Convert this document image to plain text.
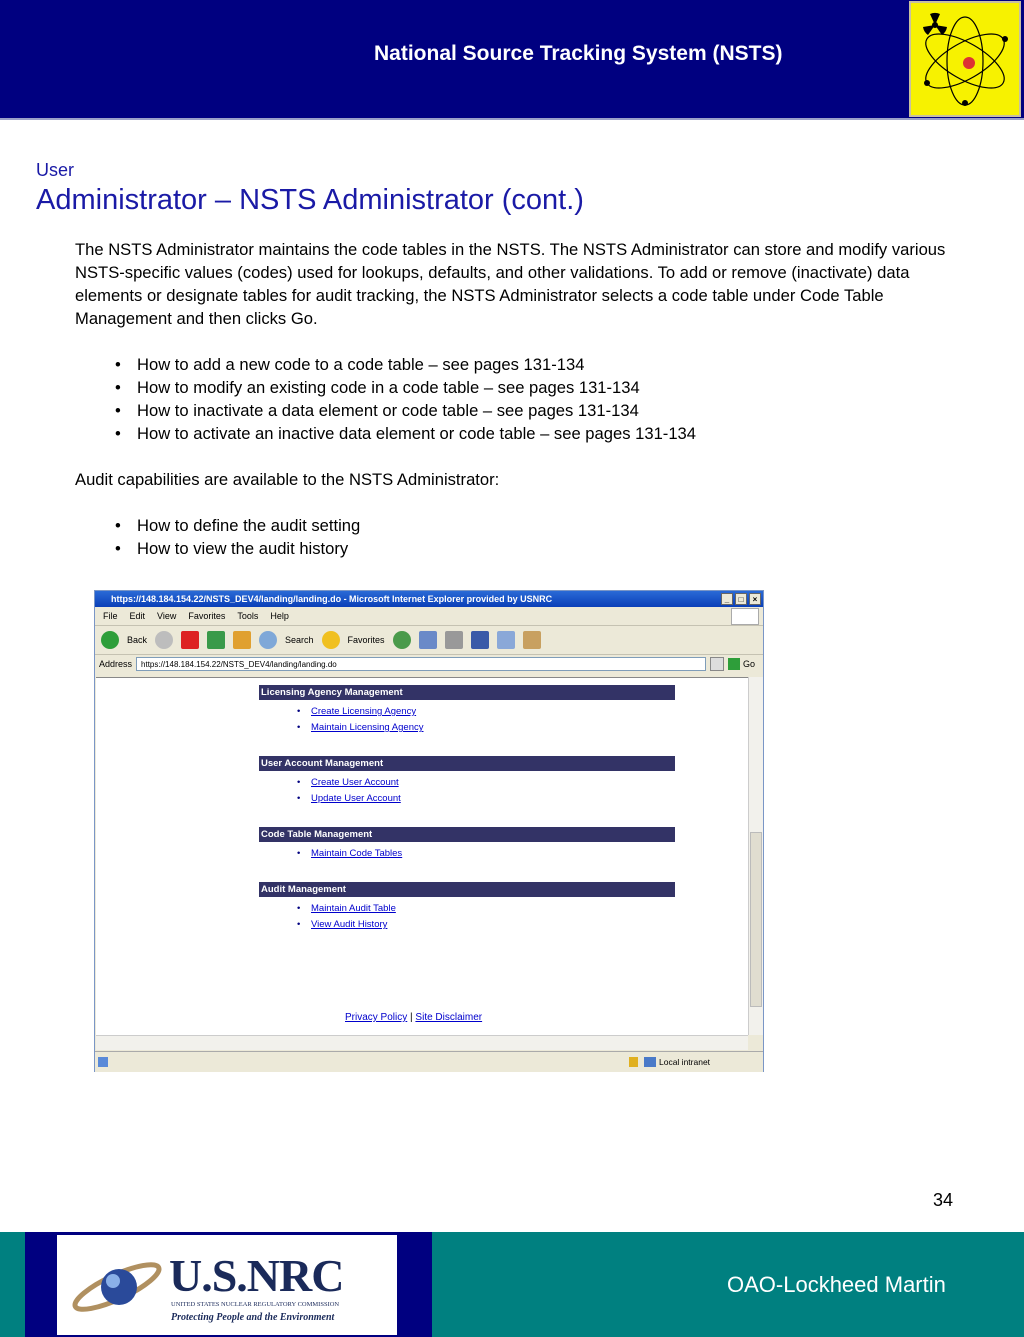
National Source Tracking System (NSTS)
User
Administrator – NSTS Administrator (cont.)

The NSTS Administrator maintains the code tables in the NSTS. The NSTS Administrator can store and modify various NSTS-specific values (codes) used for lookups, defaults, and other validations. To add or remove (inactivate) data elements or designate tables for audit tracking, the NSTS Administrator selects a code table under Code Table Management and then clicks Go.

• How to add a new code to a code table – see pages 131-134
• How to modify an existing code in a code table – see pages 131-134
• How to inactivate a data element or code table – see pages 131-134
• How to activate an inactive data element or code table – see pages 131-134

Audit capabilities are available to the NSTS Administrator:

• How to define the audit setting
• How to view the audit history
https://148.184.154.22/NSTS_DEV4/landing/landing.do - Microsoft Internet Explorer provided by USNRC	_	□	×
File Edit View Favorites Tools Help
Back	Search	Favorites
Address	https://148.184.154.22/NSTS_DEV4/landing/landing.do	Go
Licensing Agency Management
• Create Licensing Agency
• Maintain Licensing Agency
User Account Management
• Create User Account
• Update User Account
Code Table Management
• Maintain Code Tables
Audit Management
• Maintain Audit Table
• View Audit History
Privacy Policy | Site Disclaimer
Local intranet
34
OAO-Lockheed Martin
U.S.NRC
UNITED STATES NUCLEAR REGULATORY COMMISSION
Protecting People and the Environment
